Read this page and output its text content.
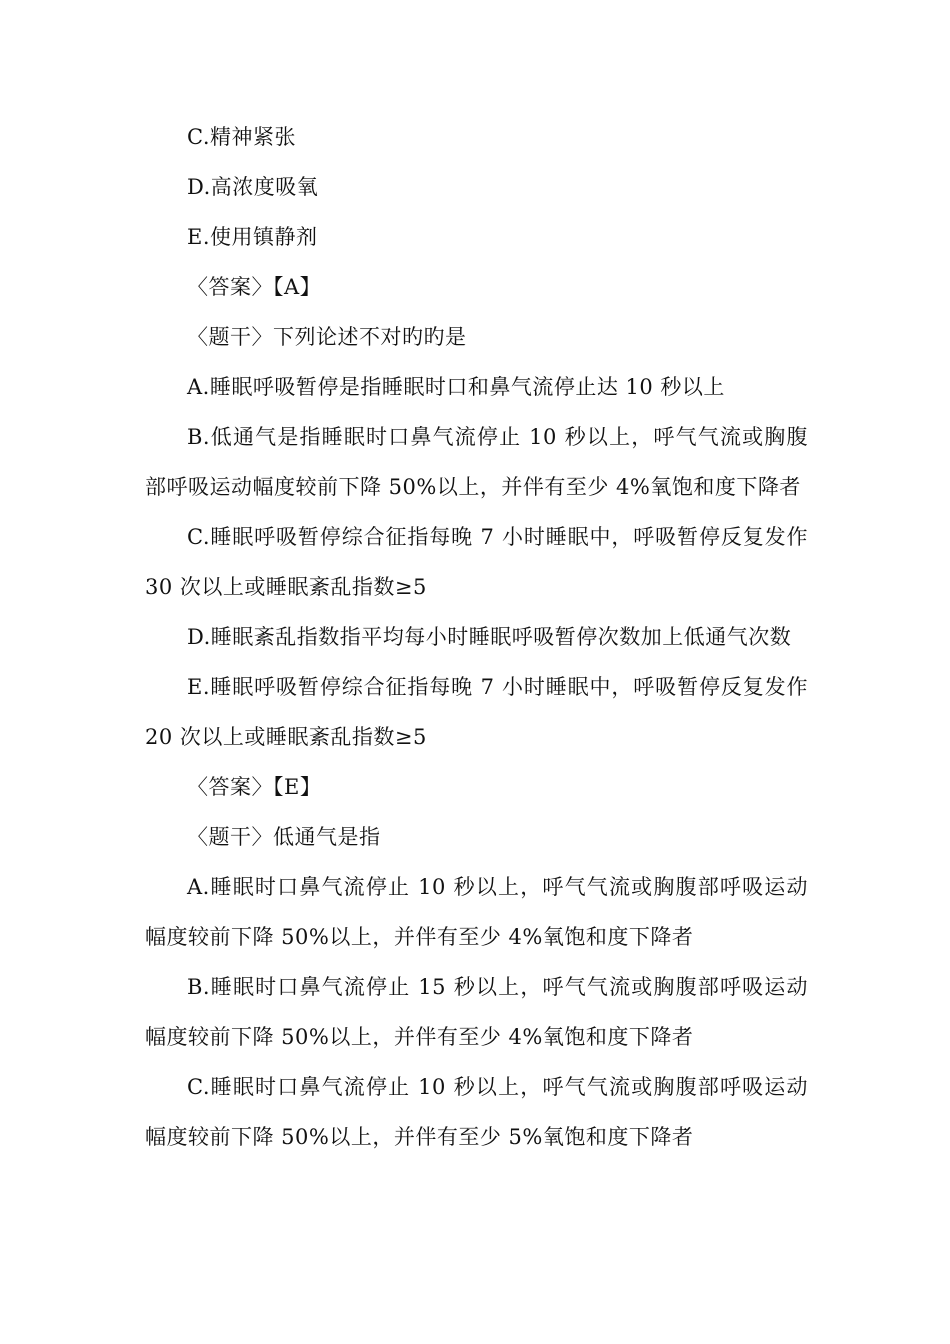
C.精神紧张

D.高浓度吸氧

E.使用镇静剂

〈答案〉【A】

〈题干〉下列论述不对旳旳是

A.睡眠呼吸暂停是指睡眠时口和鼻气流停止达 10 秒以上

B.低通气是指睡眠时口鼻气流停止 10 秒以上，呼气气流或胸腹部呼吸运动幅度较前下降 50%以上，并伴有至少 4%氧饱和度下降者

C.睡眠呼吸暂停综合征指每晚 7 小时睡眠中，呼吸暂停反复发作 30 次以上或睡眠紊乱指数≥5

D.睡眠紊乱指数指平均每小时睡眠呼吸暂停次数加上低通气次数

E.睡眠呼吸暂停综合征指每晚 7 小时睡眠中，呼吸暂停反复发作 20 次以上或睡眠紊乱指数≥5

〈答案〉【E】

〈题干〉低通气是指

A.睡眠时口鼻气流停止 10 秒以上，呼气气流或胸腹部呼吸运动幅度较前下降 50%以上，并伴有至少 4%氧饱和度下降者

B.睡眠时口鼻气流停止 15 秒以上，呼气气流或胸腹部呼吸运动幅度较前下降 50%以上，并伴有至少 4%氧饱和度下降者

C.睡眠时口鼻气流停止 10 秒以上，呼气气流或胸腹部呼吸运动幅度较前下降 50%以上，并伴有至少 5%氧饱和度下降者
